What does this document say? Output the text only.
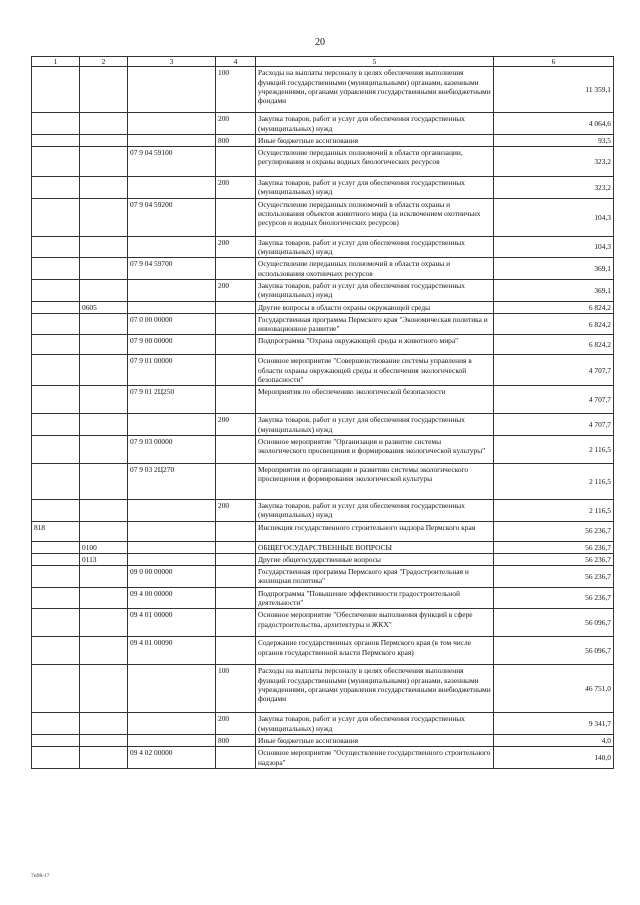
20
1	2	3	4	5	6
			100	Расходы на выплаты персоналу в целях обеспечения выполнения функций государственными (муниципальными) органами, казенными учреждениями, органами управления государственными внебюджетными фондами	11 359,1
			200	Закупка товаров, работ и услуг для обеспечения государственных (муниципальных) нужд	4 064,6
			800	Иные бюджетные ассигнования	93,5
		07 9 04 59100		Осуществление переданных полномочий в области организации, регулирования и охраны водных биологических ресурсов	323,2
			200	Закупка товаров, работ и услуг для обеспечения государственных (муниципальных) нужд	323,2
		07 9 04 59200		Осуществление переданных полномочий в области охраны и использования объектов животного мира (за исключением охотничьих ресурсов и водных биологических ресурсов)	104,3
			200	Закупка товаров, работ и услуг для обеспечения государственных (муниципальных) нужд	104,3
		07 9 04 59700		Осуществление переданных полномочий в области охраны и использования охотничьих ресурсов	369,1
			200	Закупка товаров, работ и услуг для обеспечения государственных (муниципальных) нужд	369,1
	0605			Другие вопросы в области охраны окружающей среды	6 824,2
		07 0 00 00000		Государственная программа Пермского края "Экономическая политика и инновационное развитие"	6 824,2
		07 9 00 00000		Подпрограмма "Охрана окружающей среды и животного мира"	6 824,2
		07 9 01 00000		Основное мероприятие "Совершенствование системы управления в области охраны окружающей среды и обеспечения экологической безопасности"	4 707,7
		07 9 01 2Ц250		Мероприятия по обеспечению экологической безопасности	4 707,7
			200	Закупка товаров, работ и услуг для обеспечения государственных (муниципальных) нужд	4 707,7
		07 9 03 00000		Основное мероприятие "Организация и развитие системы экологического просвещения и формирования экологической культуры"	2 116,5
		07 9 03 2Ц270		Мероприятия по организации и развитию системы экологического просвещения и формирования экологической культуры	2 116,5
			200	Закупка товаров, работ и услуг для обеспечения государственных (муниципальных) нужд	2 116,5
818				Инспекция государственного строительного надзора Пермского края	56 236,7
	0100			ОБЩЕГОСУДАРСТВЕННЫЕ ВОПРОСЫ	56 236,7
	0113			Другие общегосударственные вопросы	56 236,7
		09 0 00 00000		Государственная программа Пермского края "Градостроительная и жилищная политика"	56 236,7
		09 4 00 00000		Подпрограмма "Повышение эффективности градостроительной деятельности"	56 236,7
		09 4 01 00000		Основное мероприятие "Обеспечение выполнения функций в сфере градостроительства, архитектуры и ЖКХ"	56 096,7
		09 4 01 00090		Содержание государственных органов Пермского края (в том числе органов государственной власти Пермского края)	56 096,7
			100	Расходы на выплаты персоналу в целях обеспечения выполнения функций государственными (муниципальными) органами, казенными учреждениями, органами управления государственными внебюджетными фондами	46 751,0
			200	Закупка товаров, работ и услуг для обеспечения государственных (муниципальных) нужд	9 341,7
			800	Иные бюджетные ассигнования	4,0
		09 4 02 00000		Основное мероприятие "Осуществление государственного строительного надзора"	140,0
7н98-17
